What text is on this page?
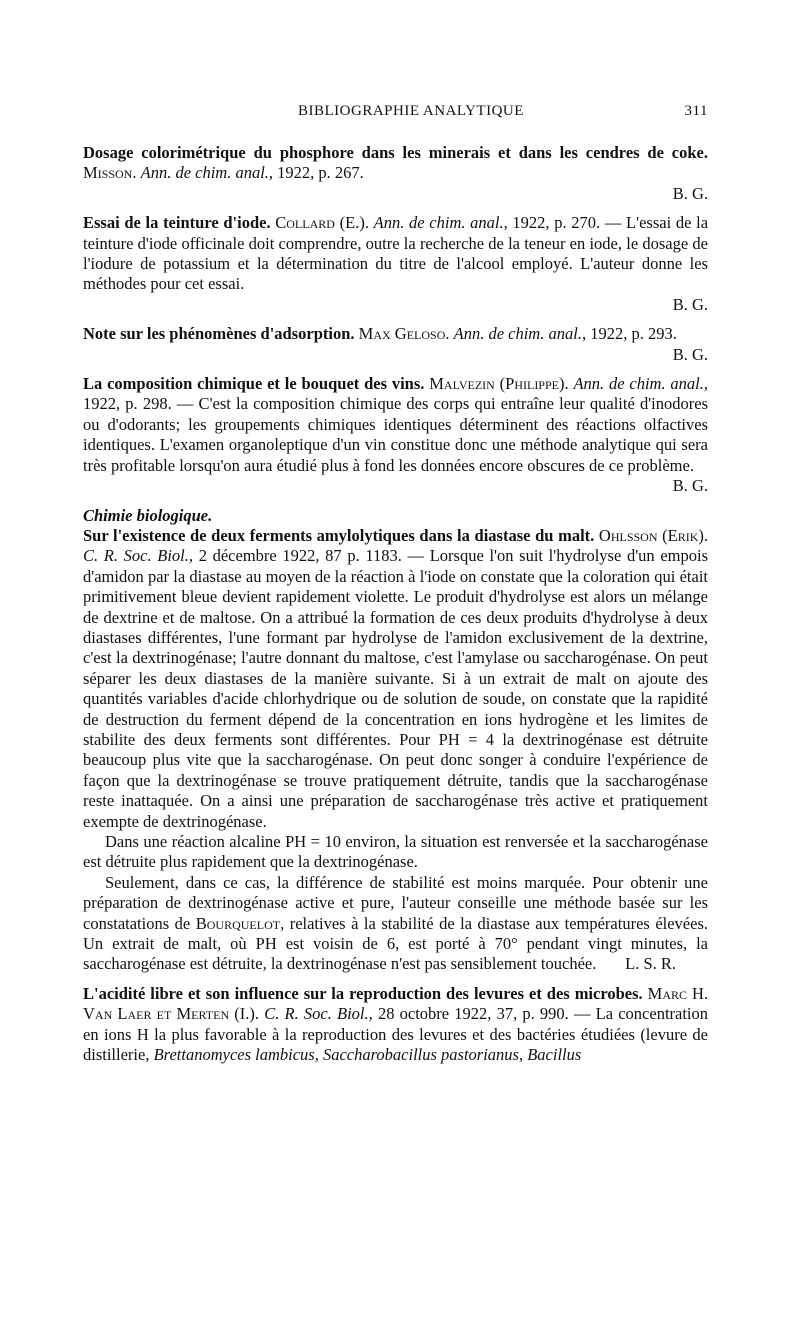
BIBLIOGRAPHIE ANALYTIQUE	311

Dosage colorimétrique du phosphore dans les minerais et dans les cendres de coke. Misson. Ann. de chim. anal., 1922, p. 267.

B. G.

Essai de la teinture d'iode. Collard (E.). Ann. de chim. anal., 1922, p. 270. — L'essai de la teinture d'iode officinale doit comprendre, outre la recherche de la teneur en iode, le dosage de l'iodure de potassium et la détermination du titre de l'alcool employé. L'auteur donne les méthodes pour cet essai.

B. G.

Note sur les phénomènes d'adsorption. Max Geloso. Ann. de chim. anal., 1922, p. 293.

B. G.

La composition chimique et le bouquet des vins. Malvezin (Philippe). Ann. de chim. anal., 1922, p. 298. — C'est la composition chimique des corps qui entraîne leur qualité d'inodores ou d'odorants; les groupements chimiques identiques déterminent des réactions olfactives identiques. L'examen organoleptique d'un vin constitue donc une méthode analytique qui sera très profitable lorsqu'on aura étudié plus à fond les données encore obscures de ce problème.

B. G.

Chimie biologique.

Sur l'existence de deux ferments amylolytiques dans la diastase du malt. Ohlsson (Erik). C. R. Soc. Biol., 2 décembre 1922, 87 p. 1183. — Lorsque l'on suit l'hydrolyse d'un empois d'amidon par la diastase au moyen de la réaction à l'iode on constate que la coloration qui était primitivement bleue devient rapidement violette. Le produit d'hydrolyse est alors un mélange de dextrine et de maltose. On a attribué la formation de ces deux produits d'hydrolyse à deux diastases différentes, l'une formant par hydrolyse de l'amidon exclusivement de la dextrine, c'est la dextrinogénase; l'autre donnant du maltose, c'est l'amylase ou saccharogénase. On peut séparer les deux diastases de la manière suivante. Si à un extrait de malt on ajoute des quantités variables d'acide chlorhydrique ou de solution de soude, on constate que la rapidité de destruction du ferment dépend de la concentration en ions hydrogène et les limites de stabilite des deux ferments sont différentes. Pour PH = 4 la dextrinogénase est détruite beaucoup plus vite que la saccharogénase. On peut donc songer à conduire l'expérience de façon que la dextrinogénase se trouve pratiquement détruite, tandis que la saccharogénase reste inattaquée. On a ainsi une préparation de saccharogénase très active et pratiquement exempte de dextrinogénase.

Dans une réaction alcaline PH = 10 environ, la situation est renversée et la saccharogénase est détruite plus rapidement que la dextrinogénase.

Seulement, dans ce cas, la différence de stabilité est moins marquée. Pour obtenir une préparation de dextrinogénase active et pure, l'auteur conseille une méthode basée sur les constatations de Bourquelot, relatives à la stabilité de la diastase aux températures élevées. Un extrait de malt, où PH est voisin de 6, est porté à 70° pendant vingt minutes, la saccharogénase est détruite, la dextrinogénase n'est pas sensiblement touchée.	L. S. R.

L'acidité libre et son influence sur la reproduction des levures et des microbes. Marc H. Van Laer et Merten (I.). C. R. Soc. Biol., 28 octobre 1922, 37, p. 990. — La concentration en ions H la plus favorable à la reproduction des levures et des bactéries étudiées (levure de distillerie, Brettanomyces lambicus, Saccharobacillus pastorianus, Bacillus
